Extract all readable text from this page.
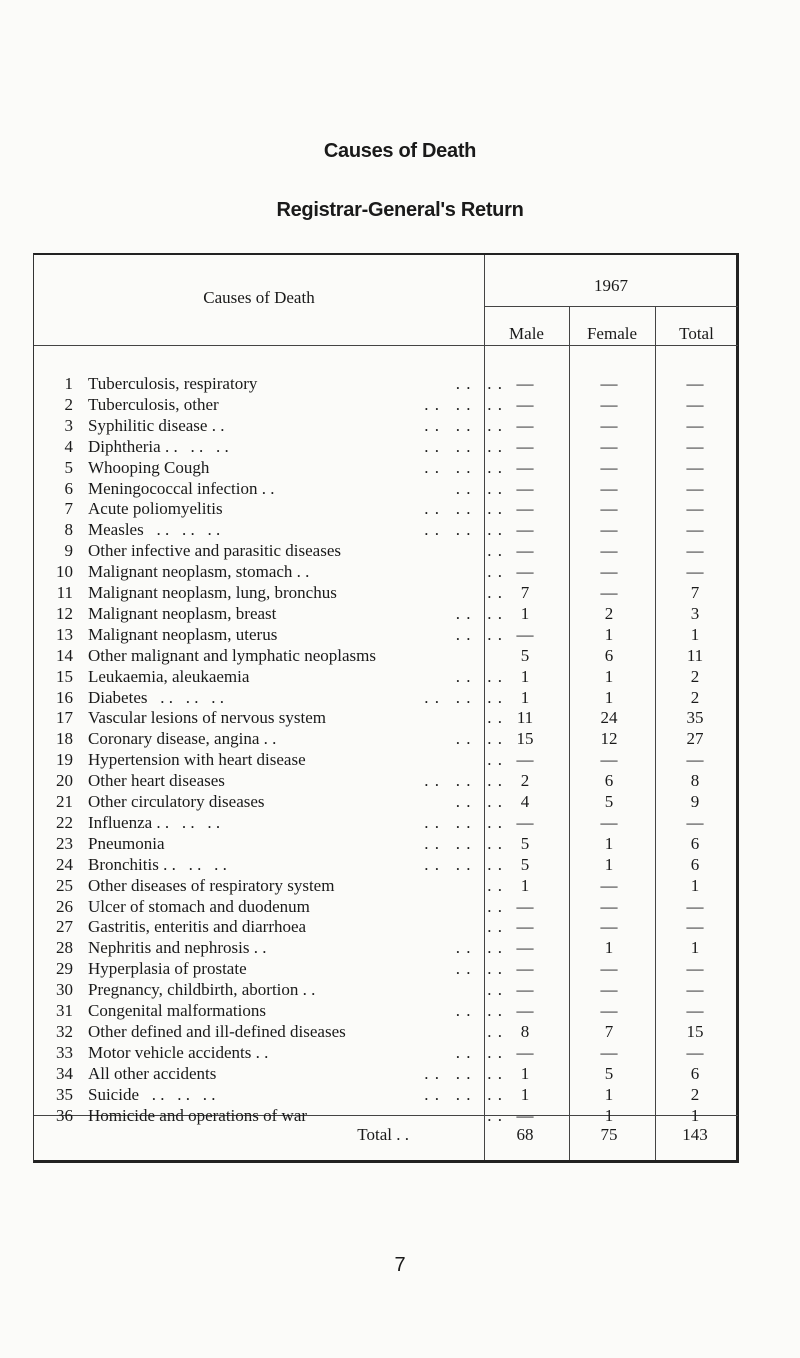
Causes of Death
Registrar-General's Return
Causes of Death
1967
Male	Female	Total
1 Tuberculosis, respiratory	. .   . . —	—	—
2 Tuberculosis, other	. .   . .   . . —	—	—
3 Syphilitic disease . .	. .   . .   . . —	—	—
4 Diphtheria . .   . .   . .	. .   . .   . . —	—	—
5 Whooping Cough	. .   . .   . . —	—	—
6 Meningococcal infection . .	. .   . . —	—	—
7 Acute poliomyelitis	. .   . .   . . —	—	—
8 Measles   . .   . .   . .	. .   . .   . . —	—	—
9 Other infective and parasitic diseases	. . —	—	—
10 Malignant neoplasm, stomach . .	. . —	—	—
11 Malignant neoplasm, lung, bronchus	. .	7	—	7
12 Malignant neoplasm, breast	. .   . .	1	2	3
13 Malignant neoplasm, uterus	. .   . . —	1	1
14 Other malignant and lymphatic neoplasms	5	6	11
15 Leukaemia, aleukaemia	. .   . .	1	1	2
16 Diabetes   . .   . .   . .	. .   . .   . .	1	1	2
17 Vascular lesions of nervous system	. . 11	24	35
18 Coronary disease, angina . .	. .   . . 15	12	27
19 Hypertension with heart disease	. . —	—	—
20 Other heart diseases	. .   . .   . .	2	6	8
21 Other circulatory diseases	. .   . .	4	5	9
22 Influenza . .   . .   . .	. .   . .   . . —	—	—
23 Pneumonia	. .   . .   . .	5	1	6
24 Bronchitis . .   . .   . .	. .   . .   . .	5	1	6
25 Other diseases of respiratory system	. .	1	—	1
26 Ulcer of stomach and duodenum	. . —	—	—
27 Gastritis, enteritis and diarrhoea	. . —	—	—
28 Nephritis and nephrosis . .	. .   . . —	1	1
29 Hyperplasia of prostate	. .   . . —	—	—
30 Pregnancy, childbirth, abortion . .	. . —	—	—
31 Congenital malformations	. .   . . —	—	—
32 Other defined and ill-defined diseases	. .	8	7	15
33 Motor vehicle accidents . .	. .   . . —	—	—
34 All other accidents	. .   . .   . .	1	5	6
35 Suicide   . .   . .   . .	. .   . .   . .	1	1	2
36 Homicide and operations of war	. . —	1	1
Total . .	68	75	143
7
